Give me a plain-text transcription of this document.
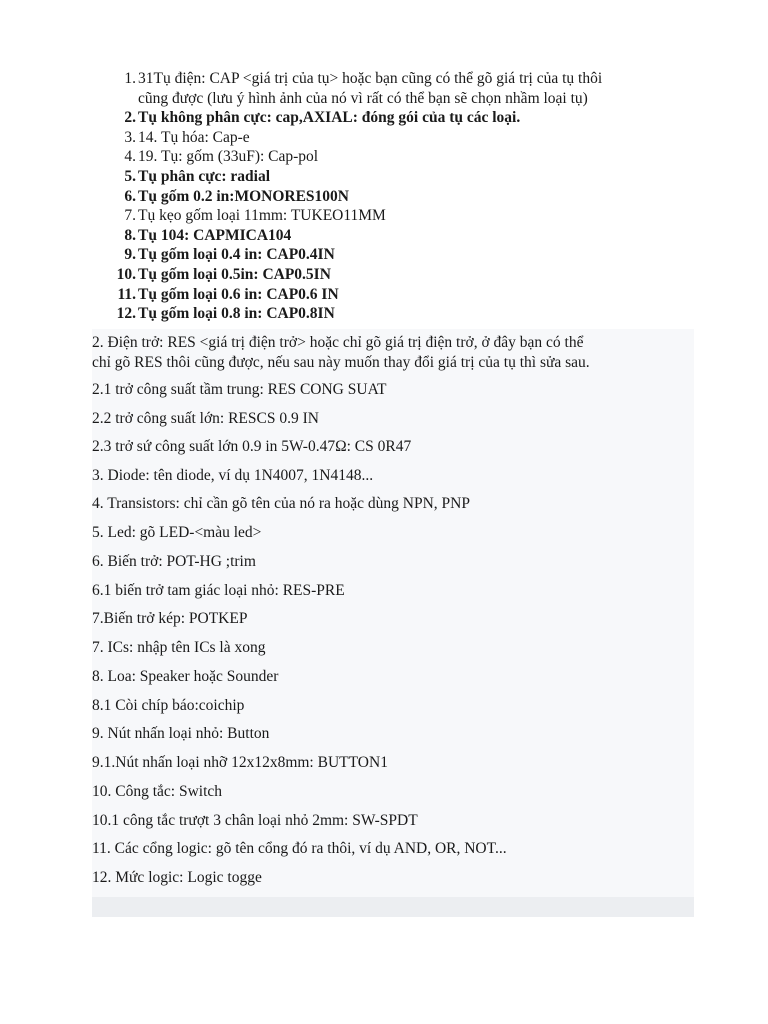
1. 31Tụ điện: CAP <giá trị của tụ> hoặc bạn cũng có thể gõ giá trị của tụ thôi
cũng được (lưu ý hình ảnh của nó vì rất có thể bạn sẽ chọn nhầm loại tụ)
2. Tụ không phân cực: cap,AXIAL: đóng gói của tụ các loại.
3. 14. Tụ hóa: Cap-e
4. 19. Tụ: gốm (33uF): Cap-pol
5. Tụ phân cực: radial
6. Tụ gốm 0.2 in:MONORES100N
7. Tụ kẹo gốm loại 11mm: TUKEO11MM
8. Tụ 104: CAPMICA104
9. Tụ gốm loại 0.4 in: CAP0.4IN
10. Tụ gốm loại 0.5in: CAP0.5IN
11. Tụ gốm loại 0.6 in: CAP0.6 IN
12. Tụ gốm loại 0.8 in: CAP0.8IN
2. Điện trở: RES <giá trị điện trở> hoặc chỉ gõ giá trị điện trở, ở đây bạn có thể
chỉ gõ RES thôi cũng được, nếu sau này muốn thay đổi giá trị của tụ thì sửa sau.
2.1 trở công suất tầm trung: RES CONG SUAT
2.2 trở công suất lớn: RESCS 0.9 IN
2.3 trở sứ công suất lớn 0.9 in 5W-0.47Ω: CS 0R47
3. Diode: tên diode, ví dụ 1N4007, 1N4148...
4. Transistors: chỉ cần gõ tên của nó ra hoặc dùng NPN, PNP
5. Led: gõ LED-<màu led>
6. Biến trở: POT-HG ;trim
6.1 biến trở tam giác loại nhỏ: RES-PRE
7.Biến trở kép: POTKEP
7. ICs: nhập tên ICs là xong
8. Loa: Speaker hoặc Sounder
8.1 Còi chíp báo:coichip
9. Nút nhấn loại nhỏ: Button
9.1.Nút nhấn loại nhỡ 12x12x8mm: BUTTON1
10. Công tắc: Switch
10.1 công tắc trượt 3 chân loại nhỏ 2mm: SW-SPDT
11. Các cổng logic: gõ tên cổng đó ra thôi, ví dụ AND, OR, NOT...
12. Mức logic: Logic togge
